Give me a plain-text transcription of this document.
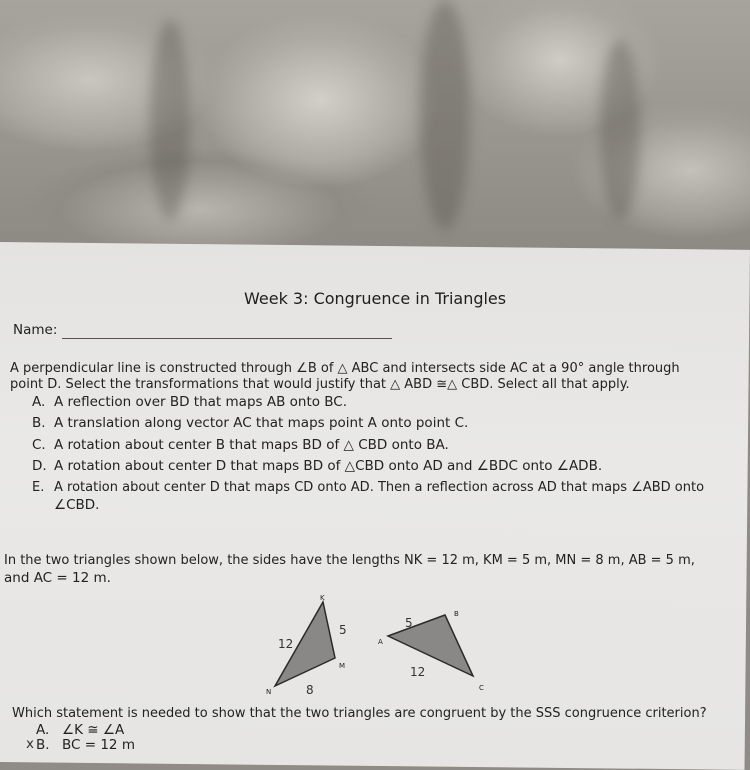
Week 3: Congruence in Triangles
Name:
A perpendicular line is constructed through ∠B of △ ABC and intersects side AC at a 90° angle through
point D. Select the transformations that would justify that △ ABD ≅△ CBD. Select all that apply.
A. A reflection over BD that maps AB onto BC.
B. A translation along vector AC that maps point A onto point C.
C. A rotation about center B that maps BD of △ CBD onto BA.
D. A rotation about center D that maps BD of △CBD onto AD and ∠BDC onto ∠ADB.
E. A rotation about center D that maps CD onto AD. Then a reflection across AD that maps ∠ABD onto
∠CBD.
In the two triangles shown below, the sides have the lengths NK = 12 m, KM = 5 m, MN = 8 m, AB = 5 m,
and AC = 12 m.
K
M
N
12
5
8
A
B
C
5
12
Which statement is needed to show that the two triangles are congruent by the SSS congruence criterion?
A. ∠K ≅ ∠A
x B. BC = 12 m
